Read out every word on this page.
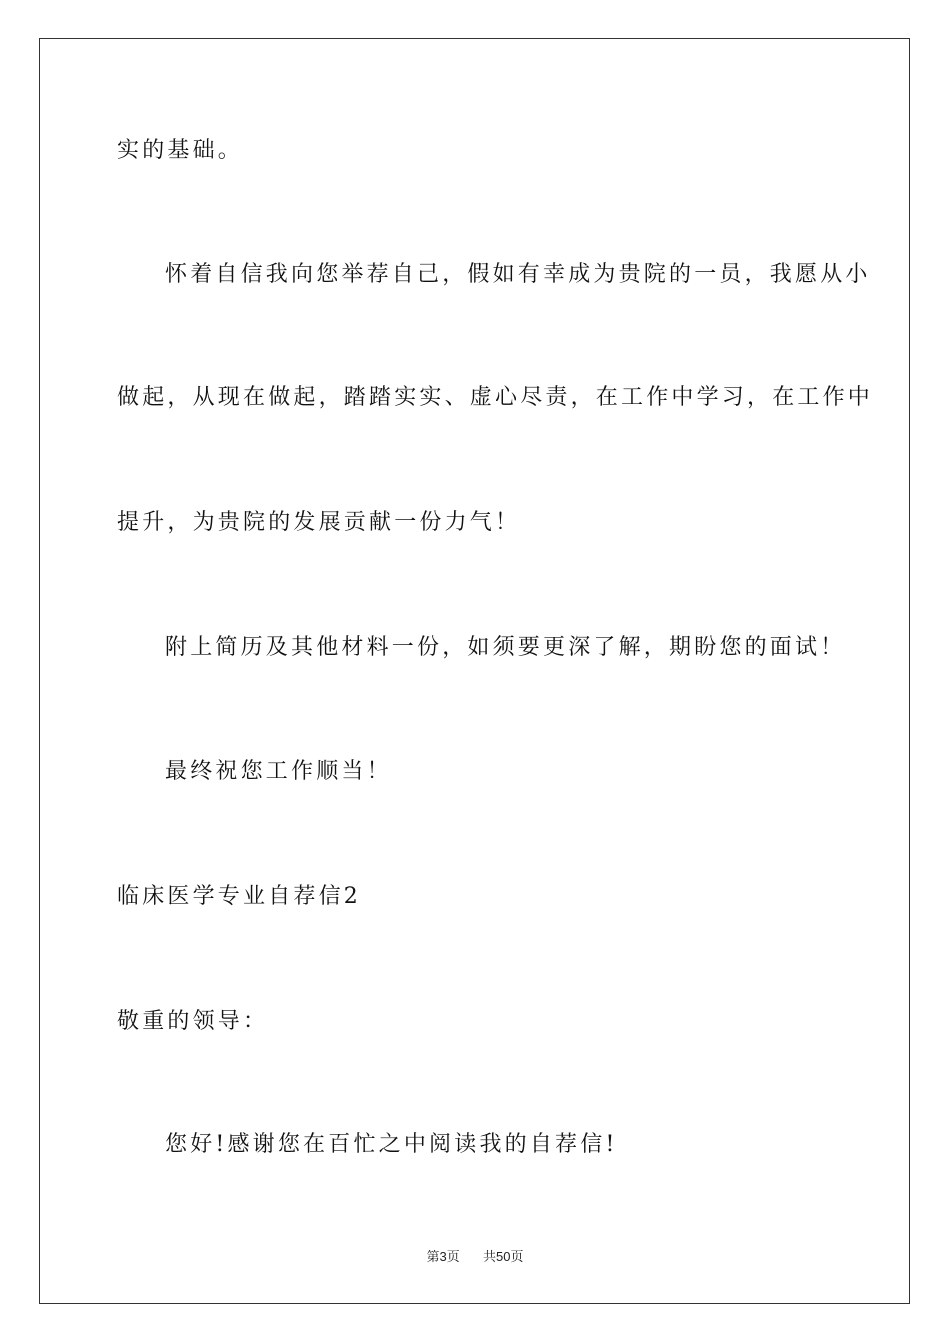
实的基础。
怀着自信我向您举荐自己，假如有幸成为贵院的一员，我愿从小
做起，从现在做起，踏踏实实、虚心尽责，在工作中学习，在工作中
提升，为贵院的发展贡献一份力气！
附上简历及其他材料一份，如须要更深了解，期盼您的面试！
最终祝您工作顺当！
临床医学专业自荐信2
敬重的领导：
您好!感谢您在百忙之中阅读我的自荐信!
第3页 共50页
